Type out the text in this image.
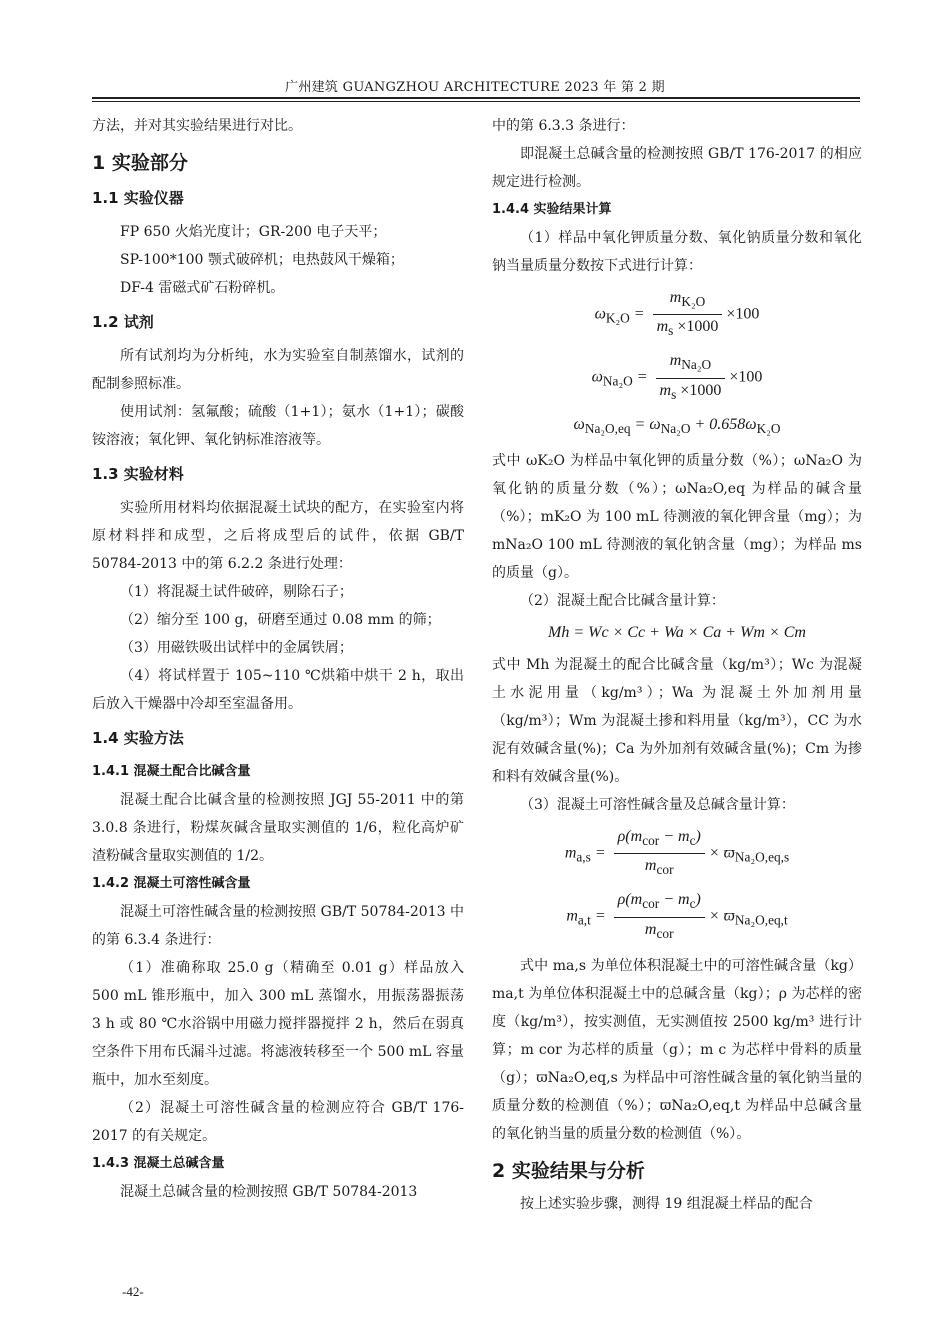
广州建筑 GUANGZHOU ARCHITECTURE 2023 年 第 2 期

方法，并对其实验结果进行对比。

1 实验部分
1.1 实验仪器

FP 650 火焰光度计；GR-200 电子天平；

SP-100*100 颚式破碎机；电热鼓风干燥箱；

DF-4 雷磁式矿石粉碎机。

1.2 试剂

所有试剂均为分析纯，水为实验室自制蒸馏水，试剂的配制参照标准。

使用试剂：氢氟酸；硫酸（1+1）；氨水（1+1）；碳酸铵溶液；氧化钾、氧化钠标准溶液等。

1.3 实验材料

实验所用材料均依据混凝土试块的配方，在实验室内将原材料拌和成型，之后将成型后的试件，依据 GB/T 50784-2013 中的第 6.2.2 条进行处理：

（1）将混凝土试件破碎，剔除石子；

（2）缩分至 100 g，研磨至通过 0.08 mm 的筛；

（3）用磁铁吸出试样中的金属铁屑；

（4）将试样置于 105~110 ℃烘箱中烘干 2 h，取出后放入干燥器中冷却至室温备用。

1.4 实验方法
1.4.1 混凝土配合比碱含量

混凝土配合比碱含量的检测按照 JGJ 55-2011 中的第 3.0.8 条进行，粉煤灰碱含量取实测值的 1/6，粒化高炉矿渣粉碱含量取实测值的 1/2。

1.4.2 混凝土可溶性碱含量

混凝土可溶性碱含量的检测按照 GB/T 50784-2013 中的第 6.3.4 条进行：

（1）准确称取 25.0 g（精确至 0.01 g）样品放入 500 mL 锥形瓶中，加入 300 mL 蒸馏水，用振荡器振荡 3 h 或 80 ℃水浴锅中用磁力搅拌器搅拌 2 h，然后在弱真空条件下用布氏漏斗过滤。将滤液转移至一个 500 mL 容量瓶中，加水至刻度。

（2）混凝土可溶性碱含量的检测应符合 GB/T 176-2017 的有关规定。

1.4.3 混凝土总碱含量

混凝土总碱含量的检测按照 GB/T 50784-2013

中的第 6.3.3 条进行：

即混凝土总碱含量的检测按照 GB/T 176-2017 的相应规定进行检测。

1.4.4 实验结果计算

（1）样品中氧化钾质量分数、氧化钠质量分数和氧化钠当量质量分数按下式进行计算：

$\omega_{K_2O} = \frac{m_{K_2O}}{m_s \times 1000} \times 100$
$\omega_{Na_2O} = \frac{m_{Na_2O}}{m_s \times 1000} \times 100$
$\omega_{Na_2O,eq} = \omega_{Na_2O} + 0.658\omega_{K_2O}$

式中 ωK₂O 为样品中氧化钾的质量分数（%）；ωNa₂O 为氧化钠的质量分数（%）；ωNa₂O,eq 为样品的碱含量（%）；mK₂O 为 100 mL 待测液的氧化钾含量（mg）；为 mNa₂O 100 mL 待测液的氧化钠含量（mg）；为样品 ms 的质量（g）。

（2）混凝土配合比碱含量计算：

Mh = Wc × Cc + Wa × Ca + Wm × Cm

式中 Mh 为混凝土的配合比碱含量（kg/m³）；Wc 为混凝土水泥用量（kg/m³）；Wa 为混凝土外加剂用量（kg/m³）；Wm 为混凝土掺和料用量（kg/m³），CC 为水泥有效碱含量(%)；Ca 为外加剂有效碱含量(%)；Cm 为掺和料有效碱含量(%)。

（3）混凝土可溶性碱含量及总碱含量计算：

$m_{a,s} = \frac{\rho(m_{cor} - m_c)}{m_{cor}} \times ϖ_{Na_2O,eq,s}$
$m_{a,t} = \frac{\rho(m_{cor} - m_c)}{m_{cor}} \times ϖ_{Na_2O,eq,t}$

式中 ma,s 为单位体积混凝土中的可溶性碱含量（kg） ma,t 为单位体积混凝土中的总碱含量（kg）；ρ 为芯样的密度（kg/m³），按实测值，无实测值按 2500 kg/m³ 进行计算；m cor 为芯样的质量（g）；m c 为芯样中骨料的质量（g）；ϖNa₂O,eq,s 为样品中可溶性碱含量的氧化钠当量的质量分数的检测值（%）；ϖNa₂O,eq,t 为样品中总碱含量的氧化钠当量的质量分数的检测值（%）。

2 实验结果与分析

按上述实验步骤，测得 19 组混凝土样品的配合

-42-
